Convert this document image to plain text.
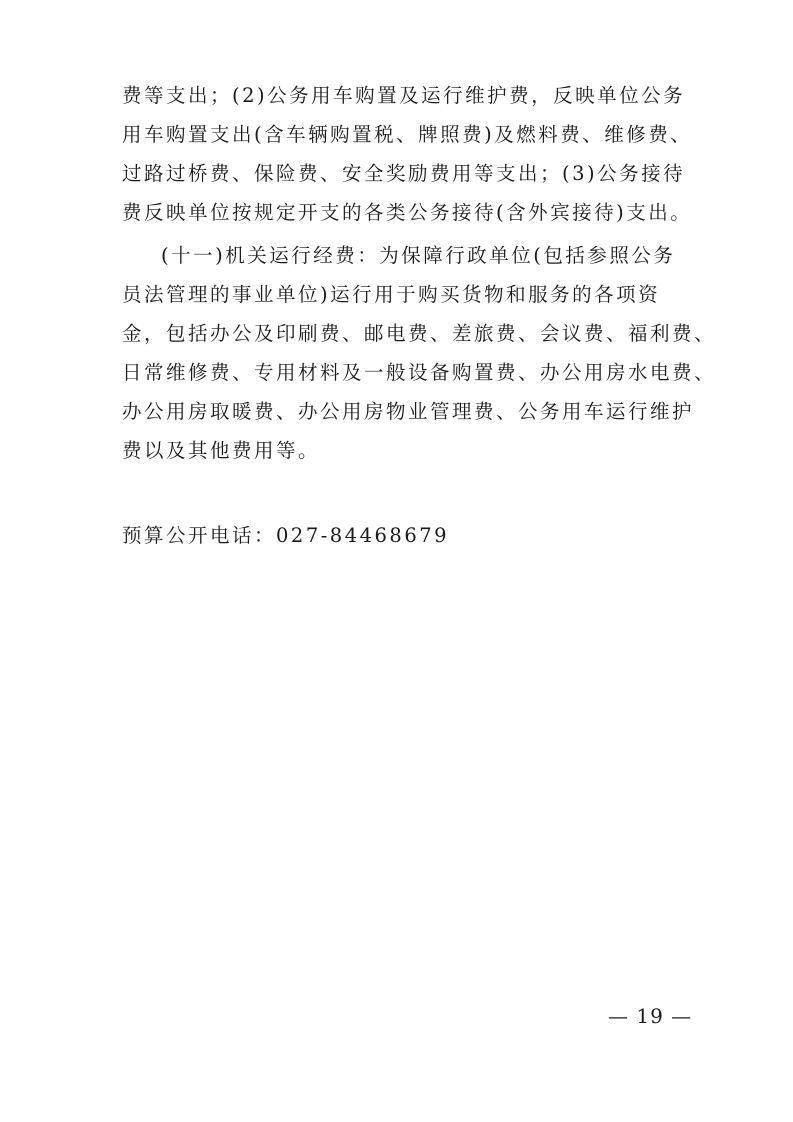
费等支出；(2)公务用车购置及运行维护费，反映单位公务
用车购置支出(含车辆购置税、牌照费)及燃料费、维修费、
过路过桥费、保险费、安全奖励费用等支出；(3)公务接待
费反映单位按规定开支的各类公务接待(含外宾接待)支出。
(十一)机关运行经费：为保障行政单位(包括参照公务
员法管理的事业单位)运行用于购买货物和服务的各项资
金，包括办公及印刷费、邮电费、差旅费、会议费、福利费、
日常维修费、专用材料及一般设备购置费、办公用房水电费、
办公用房取暖费、办公用房物业管理费、公务用车运行维护
费以及其他费用等。
预算公开电话：027-84468679
— 19 —
